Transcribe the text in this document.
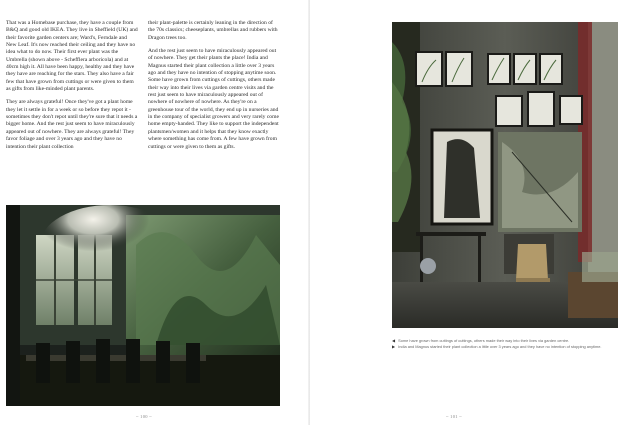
That was a Homebase purchase, they have a couple from B&Q and good old IKEA. They live in Sheffield (UK) and their favorite garden centers are; Ward's, Ferndale and New Leaf. It's now reached their ceiling and they have no idea what to do now. Their first ever plant was the Umbrella (shown above - Schefflera arboricola) and at 40cm high it. All have been happy, healthy and they have they have are reaching for the stars. They also have a fair few that have grown from cuttings or were given to them as gifts from like-minded plant parents.

They are always grateful! Once they've got a plant home they let it settle in for a week or so before they repot it - sometimes they don't repot until they're sure that it needs a bigger home. And the rest just seem to have miraculously appeared out of nowhere. They are always grateful! They favor foliage and over 3 years ago and they have no intention their plant collection

their plant-palette is certainly leaning in the direction of the 70s classics; cheeseplants, umbrellas and rubbers with Dragon trees too.

And the rest just seem to have miraculously appeared out of nowhere. They get their plants the place! India and Magnus started their plant collection a little over 3 years ago and they have no intention of stopping anytime soon. Some have grown from cuttings of cuttings, others made their way into their lives via garden centre visits and the rest just seem to have miraculously appeared out of nowhere of nowhere of nowhere. As they're on a greenhouse tour of the world, they end up in nurseries and in the company of specialist growers and very rarely come home empty-handed. They like to support the independent plantsmen/women and it helps that they know exactly where something has come from. A few have grown from cuttings or were given to them as gifts.

~ 100 ~
◀ Some have grown from cuttings of cuttings, others made their way into their lives via garden centre.
▶ India and Magnus started their plant collection a little over 3 years ago and they have no intention of stopping anytime.
~ 101 ~
